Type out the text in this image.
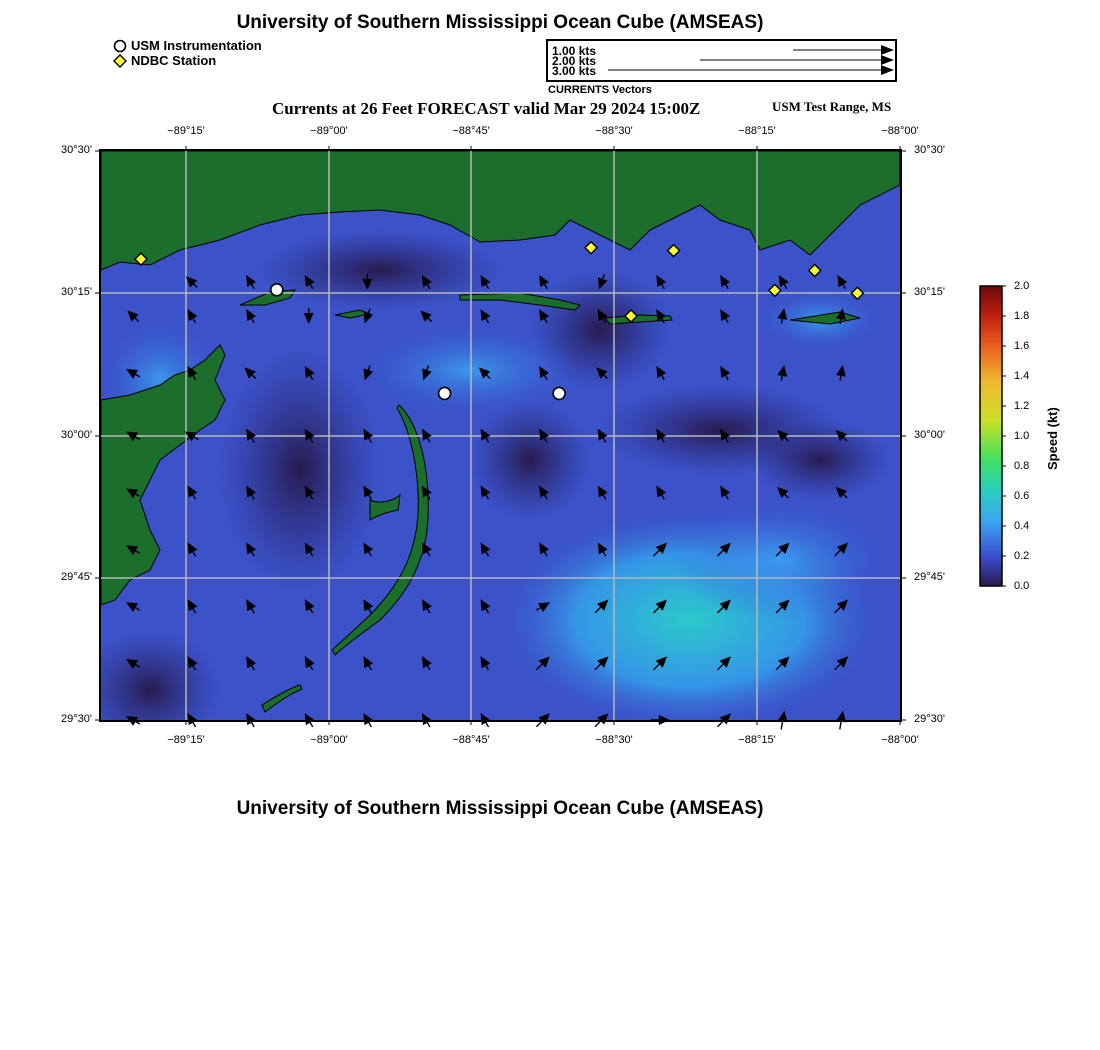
University of Southern Mississippi Ocean Cube (AMSEAS)
USM Instrumentation
NDBC Station
1.00 kts
2.00 kts
3.00 kts
CURRENTS Vectors
Currents at 26 Feet FORECAST valid Mar 29 2024 15:00Z	USM Test Range, MS
−89°15'	−89°00'	−88°45'	−88°30'	−88°15'	−88°00'
−89°15'	−89°00'	−88°45'	−88°30'	−88°15'	−88°00'
30°30'
30°15'
30°00'
29°45'
29°30'
30°30'
30°15'
30°00'
29°45'
29°30'
2.0
1.8
1.6
1.4
1.2
1.0
0.8
0.6
0.4
0.2
0.0
Speed (kt)
University of Southern Mississippi Ocean Cube (AMSEAS)
